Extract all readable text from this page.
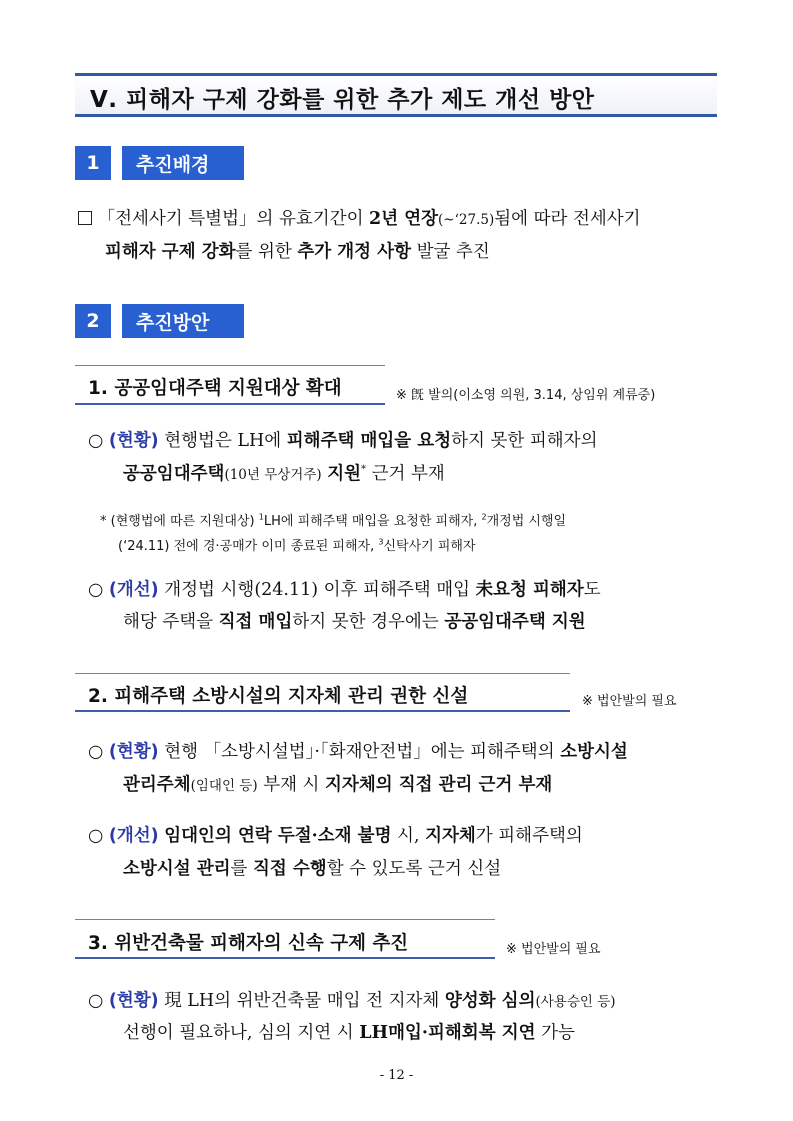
Ⅴ. 피해자 구제 강화를 위한 추가 제도 개선 방안
1	추진배경
「전세사기 특별법」의 유효기간이 2년 연장(~‘27.5)됨에 따라 전세사기
피해자 구제 강화를 위한 추가 개정 사항 발굴 추진
2	추진방안
1. 공공임대주택 지원대상 확대	※ 旣 발의(이소영 의원, 3.14, 상임위 계류중)
○ (현황) 현행법은 LH에 피해주택 매입을 요청하지 못한 피해자의
공공임대주택(10년 무상거주) 지원* 근거 부재
* (현행법에 따른 지원대상) $^1$LH에 피해주택 매입을 요청한 피해자, $^2$개정법 시행일
(‘24.11) 전에 경·공매가 이미 종료된 피해자, $^3$신탁사기 피해자
○ (개선) 개정법 시행(24.11) 이후 피해주택 매입 未요청 피해자도
해당 주택을 직접 매입하지 못한 경우에는 공공임대주택 지원
2. 피해주택 소방시설의 지자체 관리 권한 신설	※ 법안발의 필요
○ (현황) 현행 「소방시설법」·「화재안전법」에는 피해주택의 소방시설
관리주체(임대인 등) 부재 시 지자체의 직접 관리 근거 부재
○ (개선) 임대인의 연락 두절·소재 불명 시, 지자체가 피해주택의
소방시설 관리를 직접 수행할 수 있도록 근거 신설
3. 위반건축물 피해자의 신속 구제 추진	※ 법안발의 필요
○ (현황) 現 LH의 위반건축물 매입 전 지자체 양성화 심의(사용승인 등)
선행이 필요하나, 심의 지연 시 LH매입·피해회복 지연 가능
- 12 -
